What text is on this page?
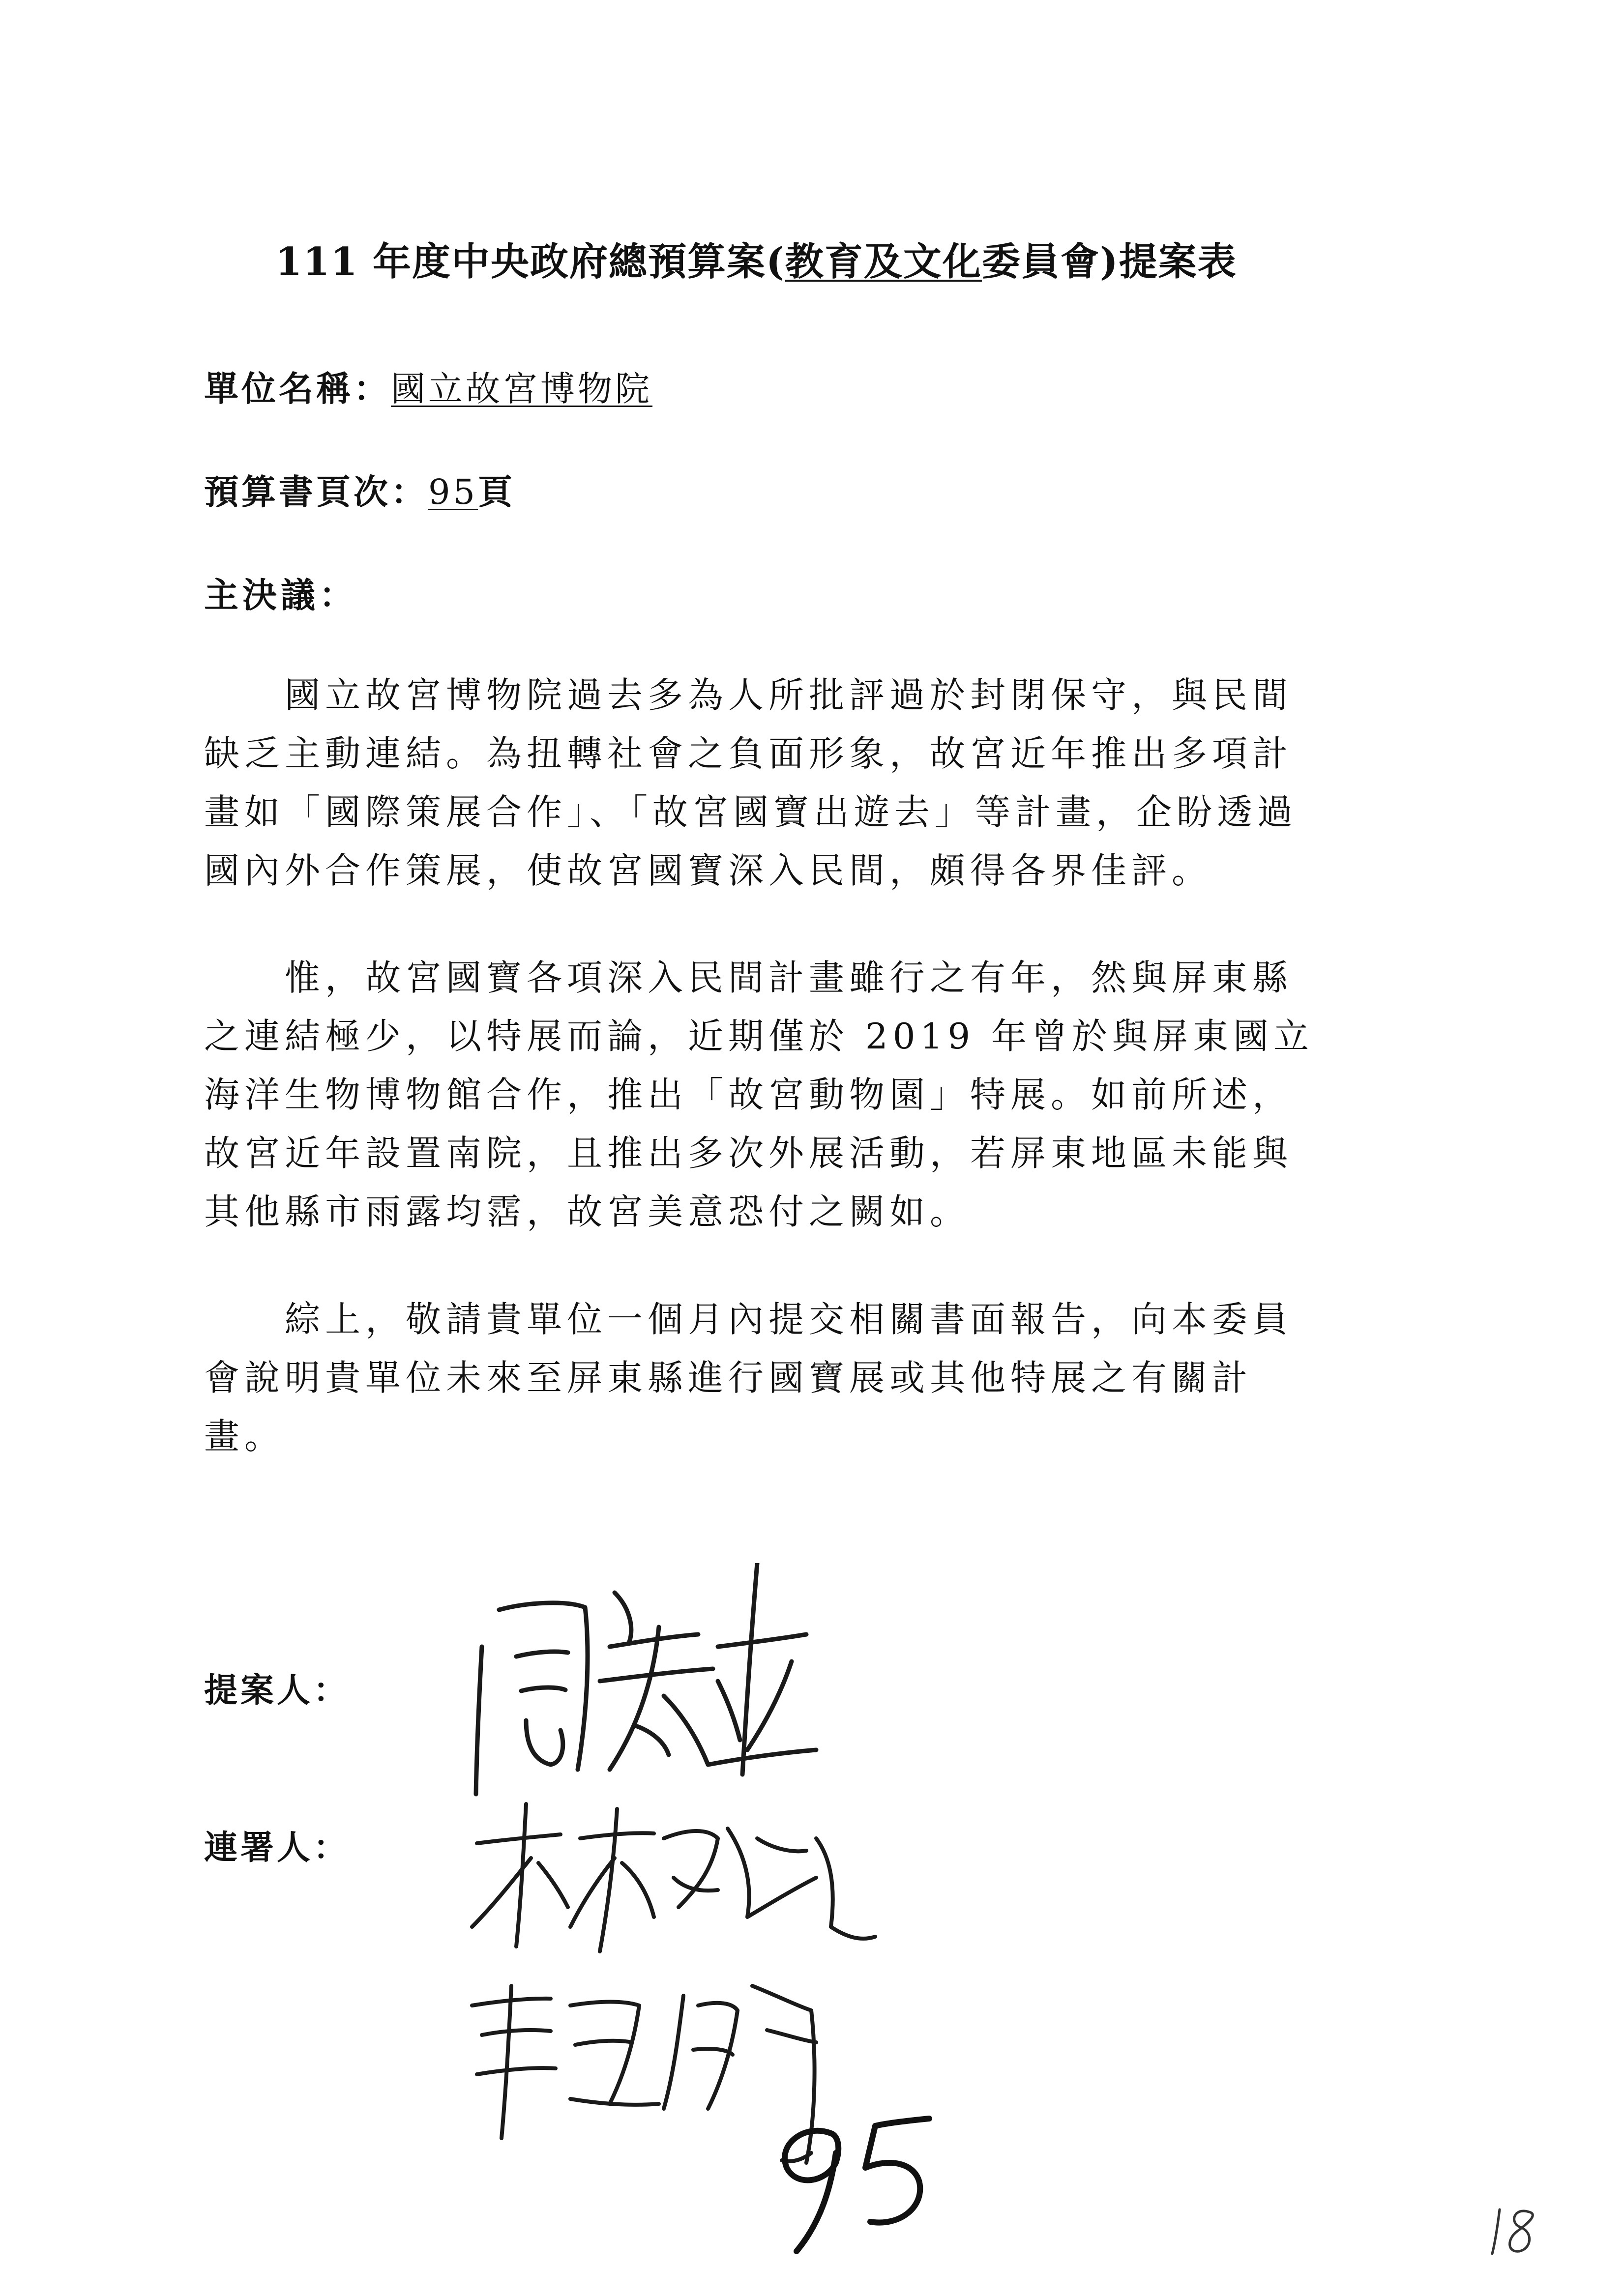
111 年度中央政府總預算案(教育及文化委員會)提案表
單位名稱：國立故宮博物院
預算書頁次：95頁
主決議：
　　國立故宮博物院過去多為人所批評過於封閉保守，與民間
缺乏主動連結。為扭轉社會之負面形象，故宮近年推出多項計
畫如「國際策展合作」、「故宮國寶出遊去」等計畫，企盼透過
國內外合作策展，使故宮國寶深入民間，頗得各界佳評。
　　惟，故宮國寶各項深入民間計畫雖行之有年，然與屏東縣
之連結極少，以特展而論，近期僅於 2019 年曾於與屏東國立
海洋生物博物館合作，推出「故宮動物園」特展。如前所述，
故宮近年設置南院，且推出多次外展活動，若屏東地區未能與
其他縣市雨露均霑，故宮美意恐付之闕如。
　　綜上，敬請貴單位一個月內提交相關書面報告，向本委員
會說明貴單位未來至屏東縣進行國寶展或其他特展之有關計
畫。
提案人：
連署人：
